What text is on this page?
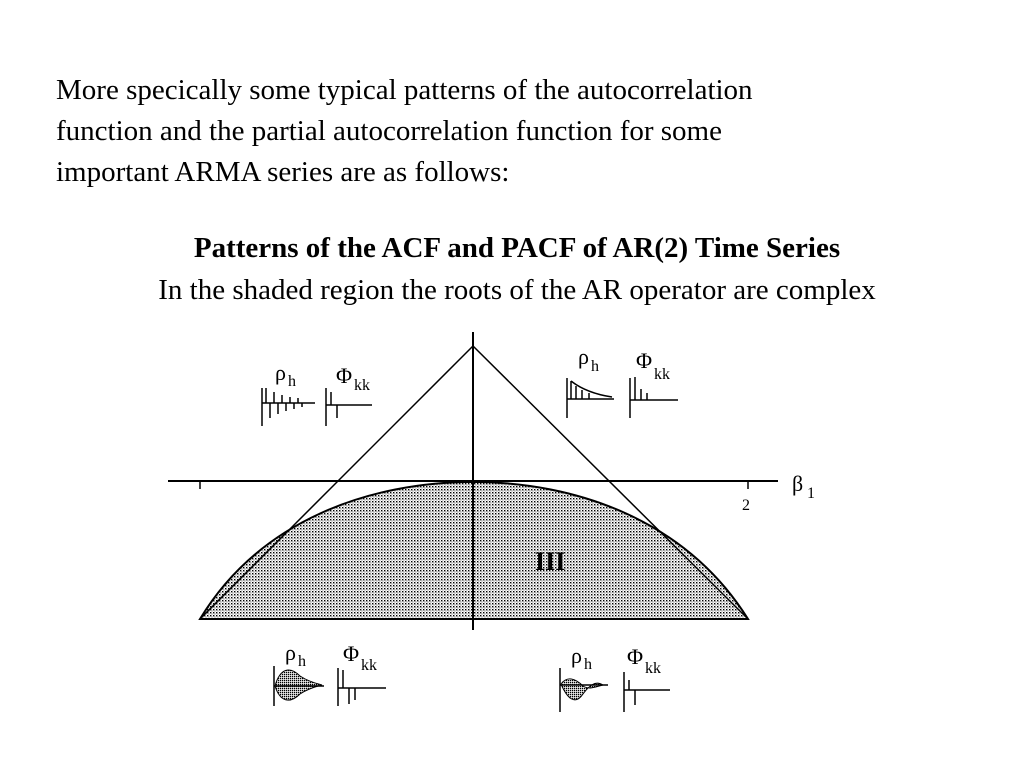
More specically some typical patterns of the autocorrelation
function and the partial autocorrelation function for some
important ARMA series are as follows:
Patterns of the ACF and PACF of AR(2) Time Series
In the shaded region the roots of the AR operator are complex
β 1
2
III
ρ h Φ kk
ρ h Φ
kk
ρ h Φ kk	ρ h Φ kk
